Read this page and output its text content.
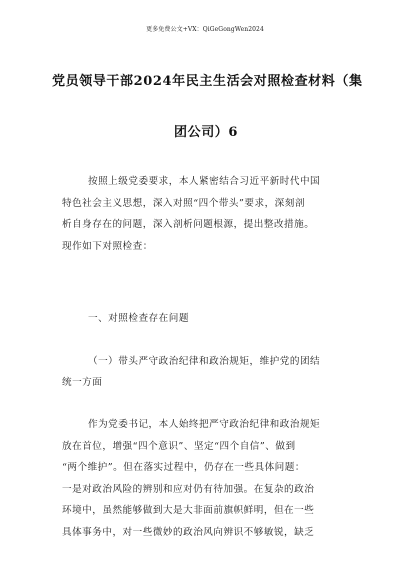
更多免费公文+VX：QiGeGongWen2024
党员领导干部2024年民主生活会对照检查材料（集
团公司）6
按照上级党委要求，本人紧密结合习近平新时代中国
特色社会主义思想，深入对照“四个带头”要求，深刻剖
析自身存在的问题，深入剖析问题根源，提出整改措施。
现作如下对照检查：
一、对照检查存在问题
（一）带头严守政治纪律和政治规矩，维护党的团结
统一方面
作为党委书记，本人始终把严守政治纪律和政治规矩
放在首位，增强“四个意识”、坚定“四个自信”、做到
“两个维护”。但在落实过程中，仍存在一些具体问题：
一是对政治风险的辨别和应对仍有待加强。在复杂的政治
环境中，虽然能够做到大是大非面前旗帜鲜明，但在一些
具体事务中，对一些微妙的政治风向辨识不够敏锐，缺乏
